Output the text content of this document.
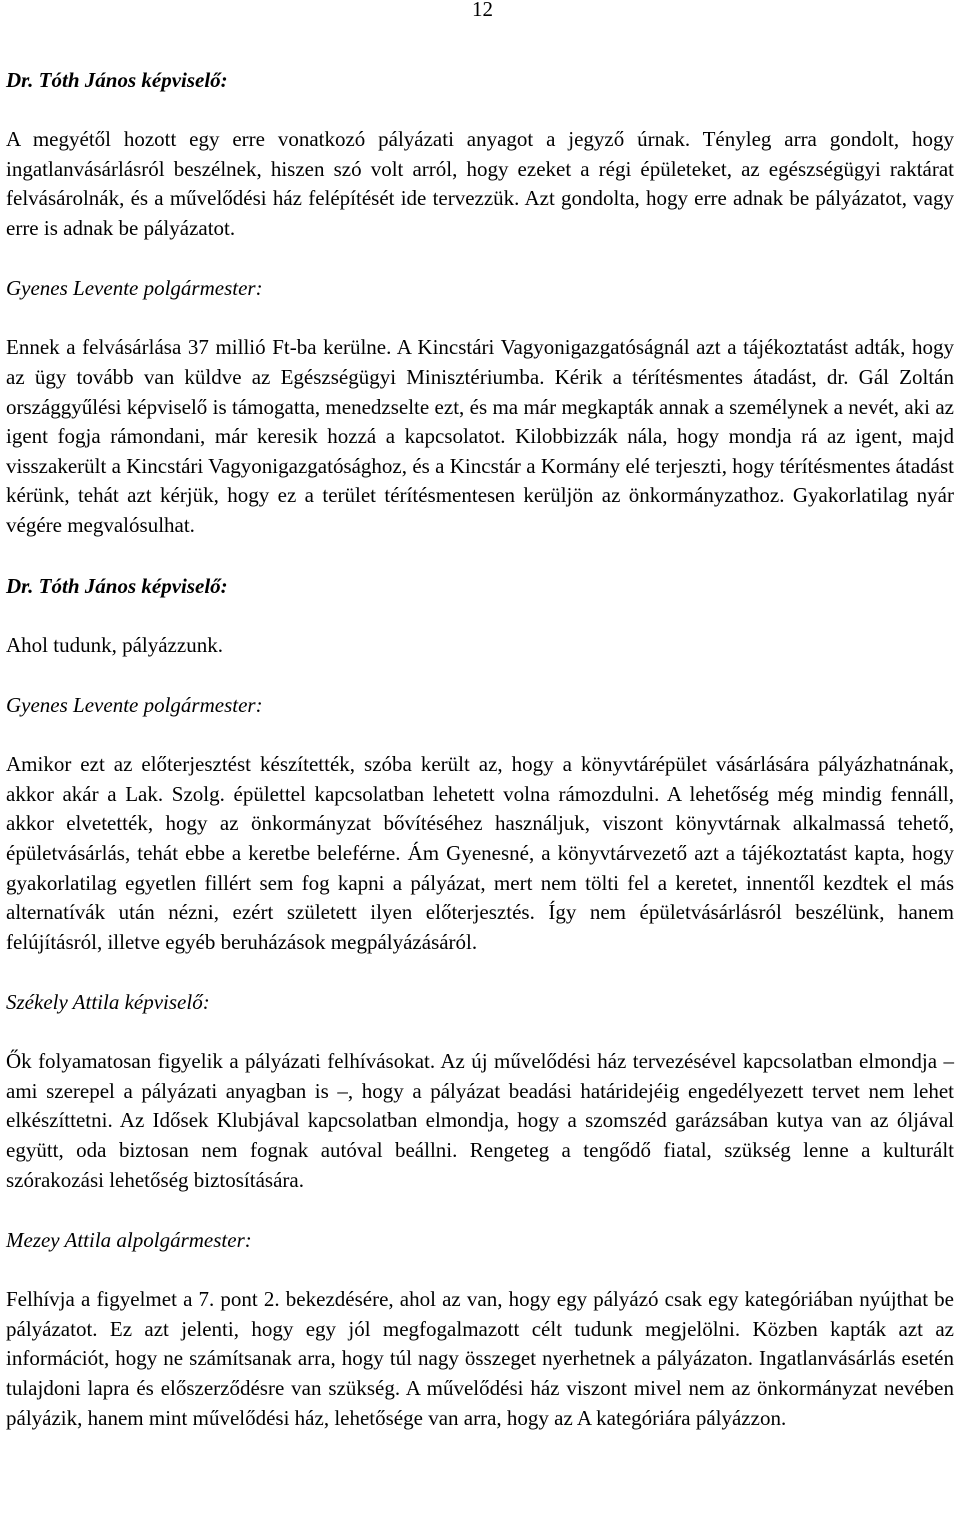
12
Dr. Tóth János képviselő:
A megyétől hozott egy erre vonatkozó pályázati anyagot a jegyző úrnak. Tényleg arra gondolt, hogy ingatlanvásárlásról beszélnek, hiszen szó volt arról, hogy ezeket a régi épületeket, az egészségügyi raktárat felvásárolnák, és a művelődési ház felépítését ide tervezzük. Azt gondolta, hogy erre adnak be pályázatot, vagy erre is adnak be pályázatot.
Gyenes Levente polgármester:
Ennek a felvásárlása 37 millió Ft-ba kerülne. A Kincstári Vagyonigazgatóságnál azt a tájékoztatást adták, hogy az ügy tovább van küldve az Egészségügyi Minisztériumba. Kérik a térítésmentes átadást, dr. Gál Zoltán országgyűlési képviselő is támogatta, menedzselte ezt, és ma már megkapták annak a személynek a nevét, aki az igent fogja rámondani, már keresik hozzá a kapcsolatot. Kilobbizzák nála, hogy mondja rá az igent, majd visszakerült a Kincstári Vagyonigazgatósághoz, és a Kincstár a Kormány elé terjeszti, hogy térítésmentes átadást kérünk, tehát azt kérjük, hogy ez a terület térítésmentesen kerüljön az önkormányzathoz. Gyakorlatilag nyár végére megvalósulhat.
Dr. Tóth János képviselő:
Ahol tudunk, pályázzunk.
Gyenes Levente polgármester:
Amikor ezt az előterjesztést készítették, szóba került az, hogy a könyvtárépület vásárlására pályázhatnának, akkor akár a Lak. Szolg. épülettel kapcsolatban lehetett volna rámozdulni. A lehetőség még mindig fennáll, akkor elvetették, hogy az önkormányzat bővítéséhez használjuk, viszont könyvtárnak alkalmassá tehető, épületvásárlás, tehát ebbe a keretbe beleférne. Ám Gyenesné, a könyvtárvezető azt a tájékoztatást kapta, hogy gyakorlatilag egyetlen fillért sem fog kapni a pályázat, mert nem tölti fel a keretet, innentől kezdtek el más alternatívák után nézni, ezért született ilyen előterjesztés. Így nem épületvásárlásról beszélünk, hanem felújításról, illetve egyéb beruházások megpályázásáról.
Székely Attila képviselő:
Ők folyamatosan figyelik a pályázati felhívásokat. Az új művelődési ház tervezésével kapcsolatban elmondja – ami szerepel a pályázati anyagban is –, hogy a pályázat beadási határidejéig engedélyezett tervet nem lehet elkészíttetni. Az Idősek Klubjával kapcsolatban elmondja, hogy a szomszéd garázsában kutya van az óljával együtt, oda biztosan nem fognak autóval beállni. Rengeteg a tengődő fiatal, szükség lenne a kulturált szórakozási lehetőség biztosítására.
Mezey Attila alpolgármester:
Felhívja a figyelmet a 7. pont 2. bekezdésére, ahol az van, hogy egy pályázó csak egy kategóriában nyújthat be pályázatot. Ez azt jelenti, hogy egy jól megfogalmazott célt tudunk megjelölni. Közben kapták azt az információt, hogy ne számítsanak arra, hogy túl nagy összeget nyerhetnek a pályázaton. Ingatlanvásárlás esetén tulajdoni lapra és előszerződésre van szükség. A művelődési ház viszont mivel nem az önkormányzat nevében pályázik, hanem mint művelődési ház, lehetősége van arra, hogy az A kategóriára pályázzon.
